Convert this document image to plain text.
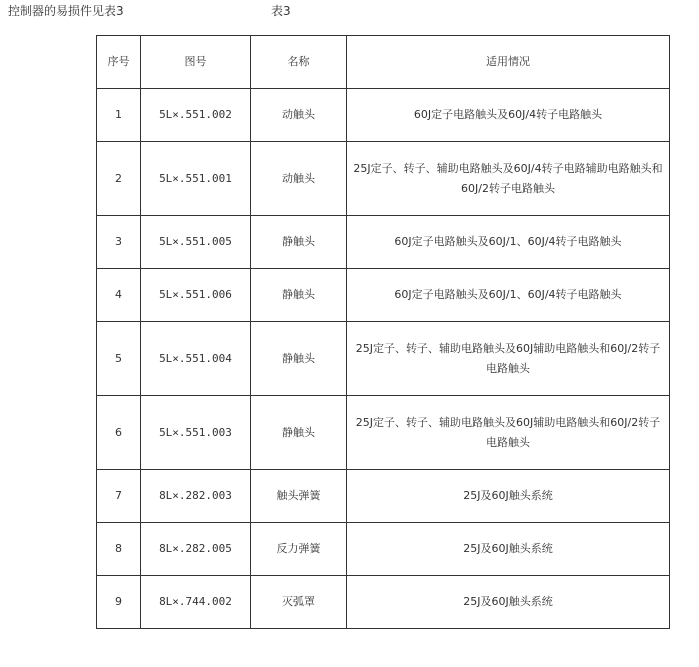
控制器的易损件见表3	表3
序号	图号	名称	适用情况
1	5L×.551.002	动触头	60J定子电路触头及60J/4转子电路触头
2	5L×.551.001	动触头	25J定子、转子、辅助电路触头及60J/4转子电路辅助电路触头和60J/2转子电路触头
3	5L×.551.005	静触头	60J定子电路触头及60J/1、60J/4转子电路触头
4	5L×.551.006	静触头	60J定子电路触头及60J/1、60J/4转子电路触头
5	5L×.551.004	静触头	25J定子、转子、辅助电路触头及60J辅助电路触头和60J/2转子电路触头
6	5L×.551.003	静触头	25J定子、转子、辅助电路触头及60J辅助电路触头和60J/2转子电路触头
7	8L×.282.003	触头弹簧	25J及60J触头系统
8	8L×.282.005	反力弹簧	25J及60J触头系统
9	8L×.744.002	灭弧罩	25J及60J触头系统
